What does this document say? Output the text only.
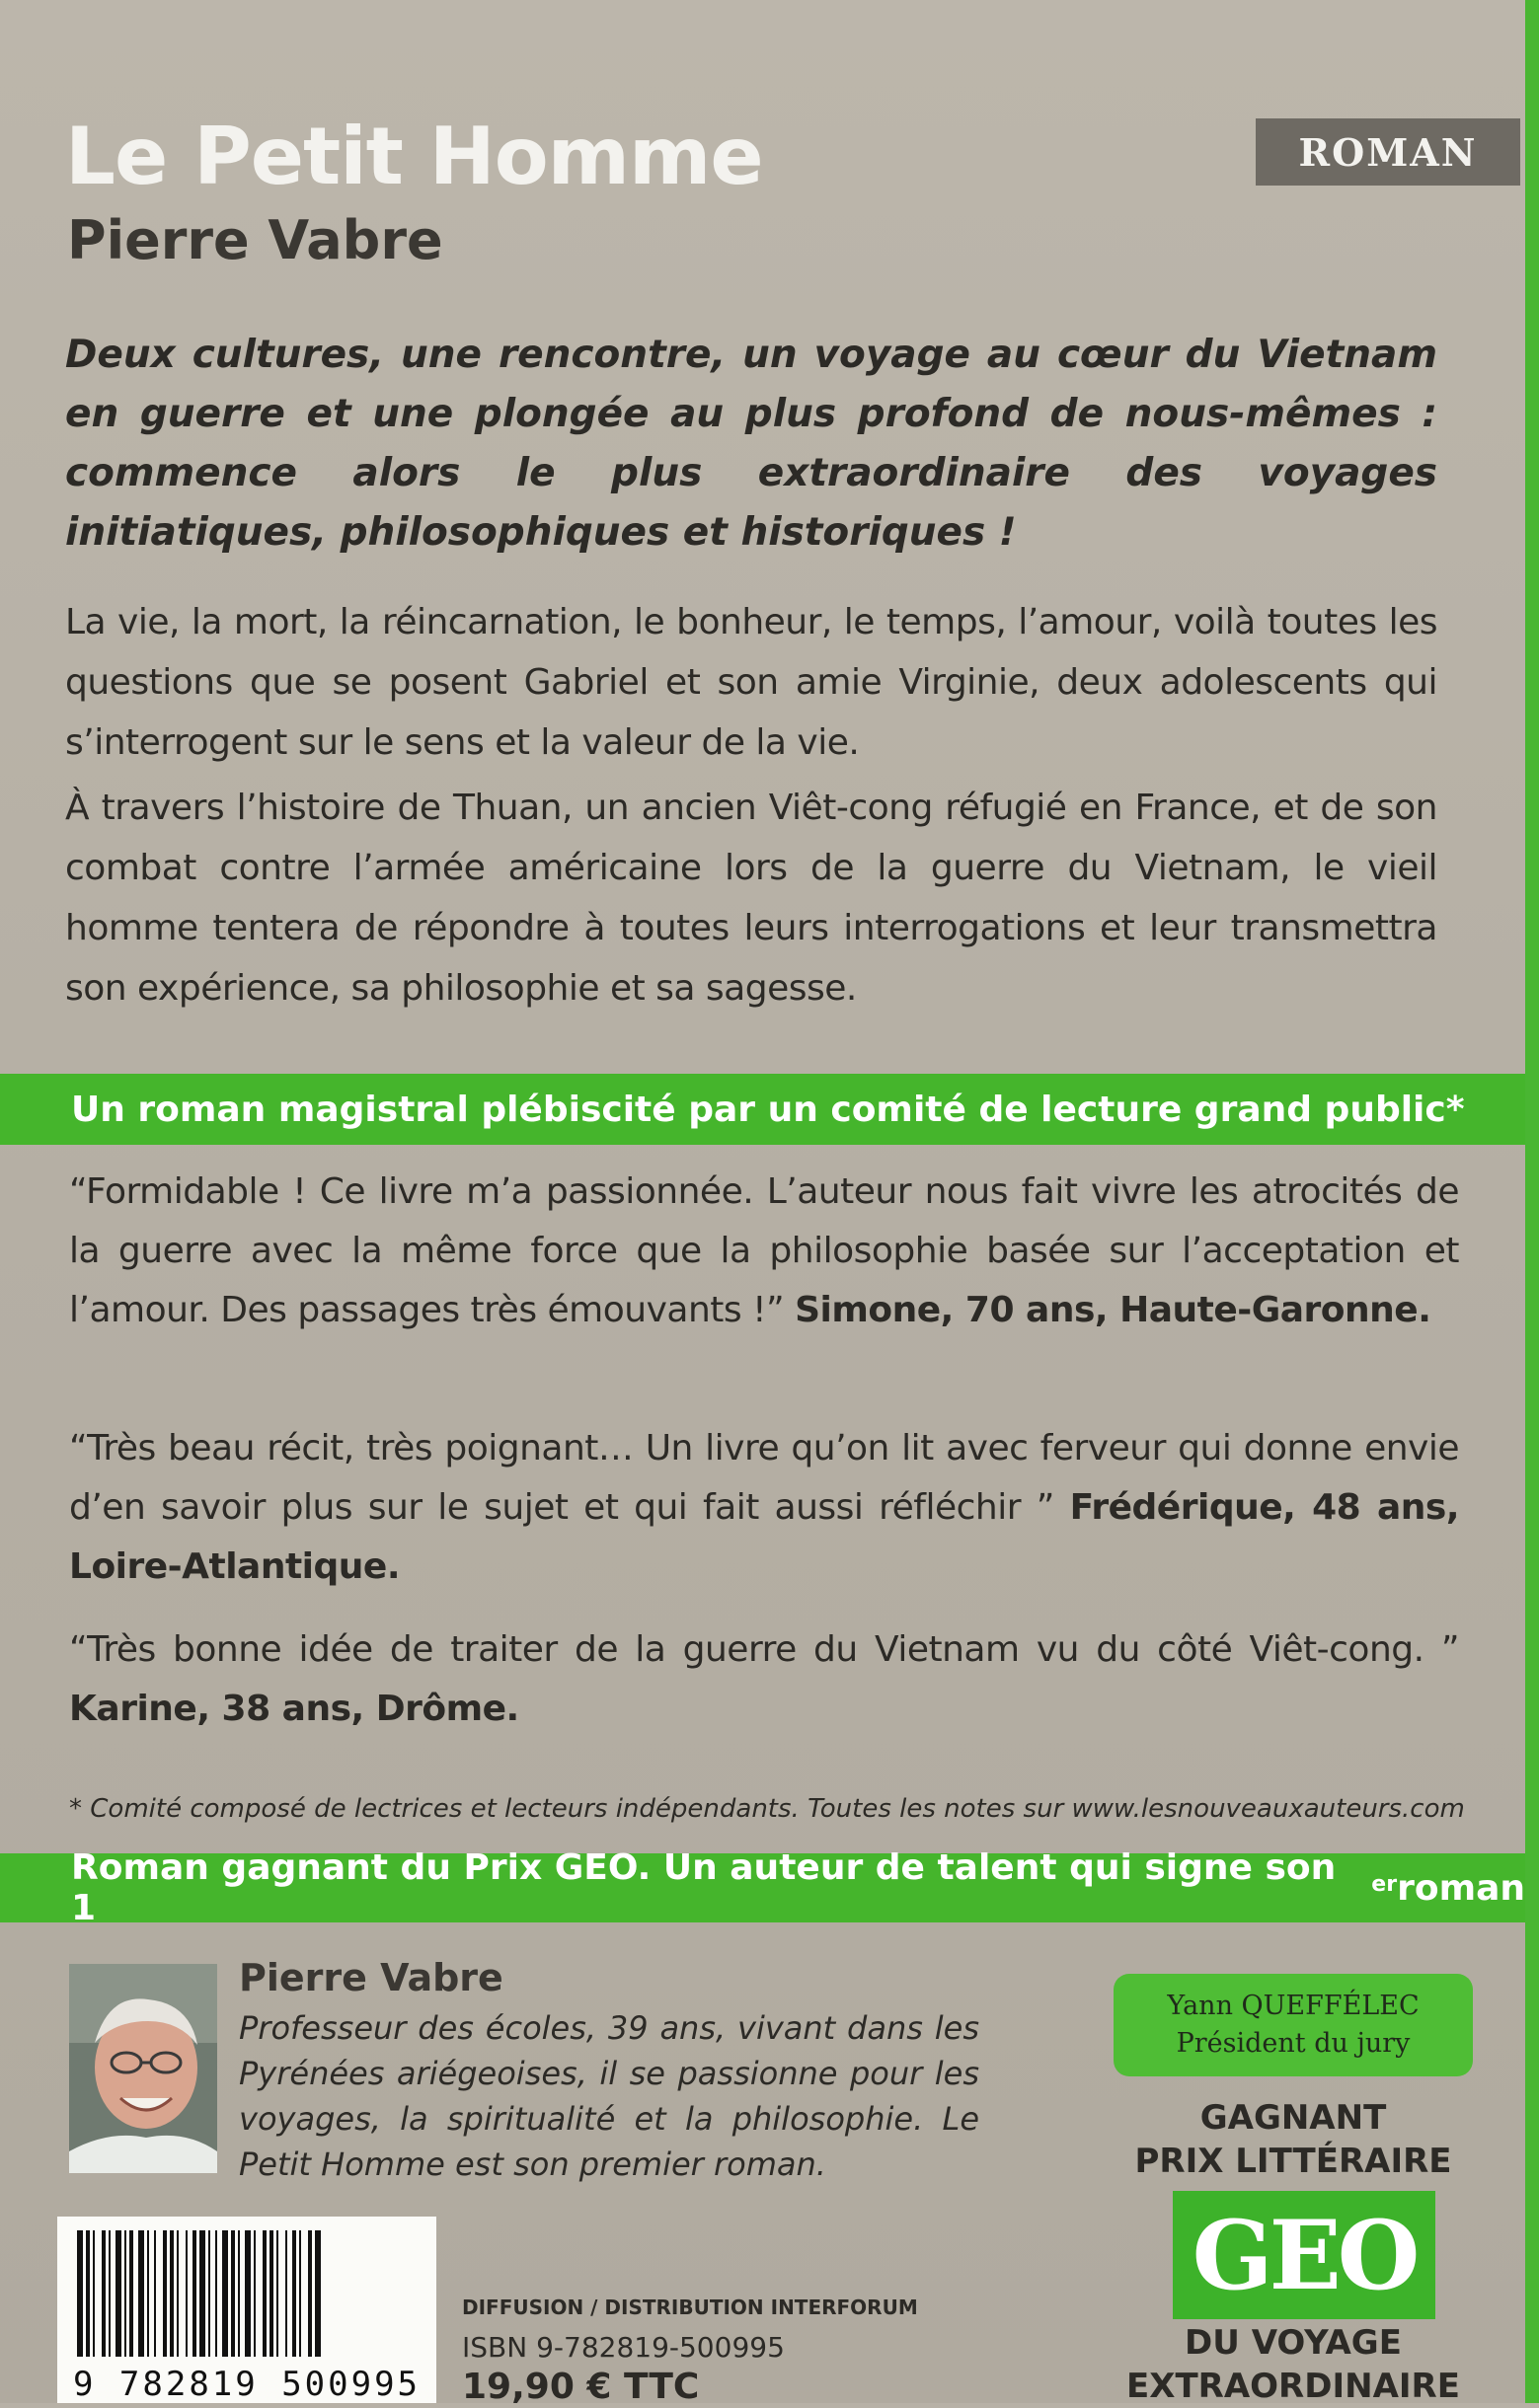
Le Petit Homme
Pierre Vabre
ROMAN

Deux cultures, une rencontre, un voyage au cœur du Vietnam en guerre et une plongée au plus profond de nous-mêmes : commence alors le plus extraordinaire des voyages initiatiques, philosophiques et historiques !

La vie, la mort, la réincarnation, le bonheur, le temps, l’amour, voilà toutes les questions que se posent Gabriel et son amie Virginie, deux adolescents qui s’interrogent sur le sens et la valeur de la vie.

À travers l’histoire de Thuan, un ancien Viêt-cong réfugié en France, et de son combat contre l’armée américaine lors de la guerre du Vietnam, le vieil homme tentera de répondre à toutes leurs interrogations et leur transmettra son expérience, sa philosophie et sa sagesse.

Un roman magistral plébiscité par un comité de lecture grand public*

“Formidable ! Ce livre m’a passionnée. L’auteur nous fait vivre les atrocités de la guerre avec la même force que la philosophie basée sur l’acceptation et l’amour. Des passages très émouvants !” Simone, 70 ans, Haute-Garonne.

“Très beau récit, très poignant… Un livre qu’on lit avec ferveur qui donne envie d’en savoir plus sur le sujet et qui fait aussi réfléchir ” Frédérique, 48 ans, Loire-Atlantique.

“Très bonne idée de traiter de la guerre du Vietnam vu du côté Viêt-cong. ” Karine, 38 ans, Drôme.

* Comité composé de lectrices et lecteurs indépendants. Toutes les notes sur www.lesnouveauxauteurs.com

Roman gagnant du Prix GEO. Un auteur de talent qui signe son 1
$^{er}$ roman

Pierre Vabre

Professeur des écoles, 39 ans, vivant dans les Pyrénées ariégeoises, il se passionne pour les voyages, la spiritualité et la philosophie. Le Petit Homme est son premier roman.

Yann QUEFFÉLEC
Président du jury
GAGNANT
PRIX LITTÉRAIRE
GEO
DU VOYAGE
EXTRAORDINAIRE
9 782819 500995

DIFFUSION / DISTRIBUTION INTERFORUM

ISBN 9-782819-500995

19,90 € TTC
